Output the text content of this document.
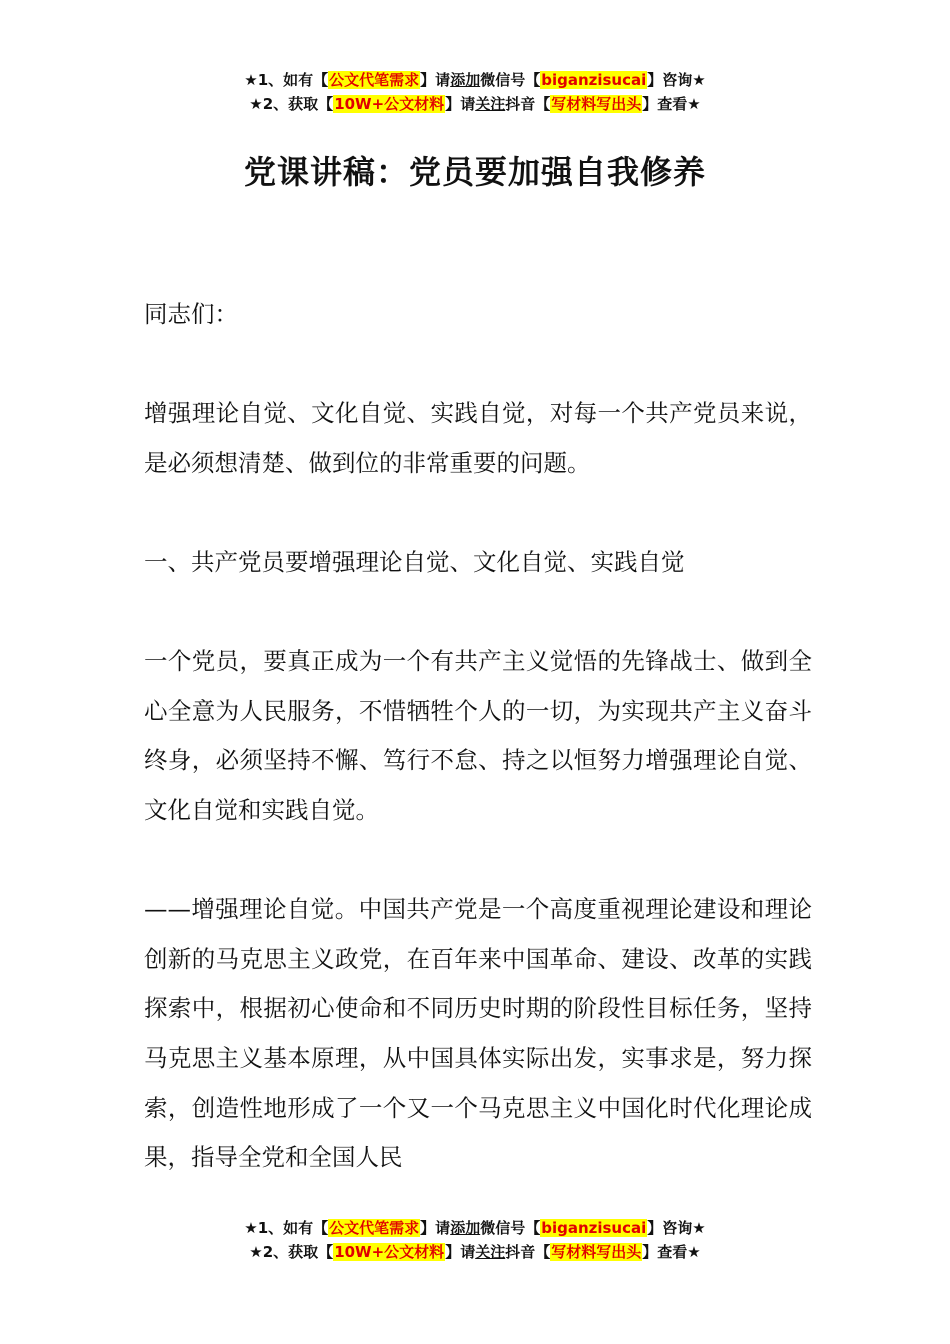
★1、如有【公文代笔需求】请添加微信号【biganzisucai】咨询★
★2、获取【10W+公文材料】请关注抖音【写材料写出头】查看★
党课讲稿：党员要加强自我修养

同志们：

增强理论自觉、文化自觉、实践自觉，对每一个共产党员来说，是必须想清楚、做到位的非常重要的问题。

一、共产党员要增强理论自觉、文化自觉、实践自觉

一个党员，要真正成为一个有共产主义觉悟的先锋战士、做到全心全意为人民服务，不惜牺牲个人的一切，为实现共产主义奋斗终身，必须坚持不懈、笃行不怠、持之以恒努力增强理论自觉、文化自觉和实践自觉。

——增强理论自觉。中国共产党是一个高度重视理论建设和理论创新的马克思主义政党，在百年来中国革命、建设、改革的实践探索中，根据初心使命和不同历史时期的阶段性目标任务，坚持马克思主义基本原理，从中国具体实际出发，实事求是，努力探索，创造性地形成了一个又一个马克思主义中国化时代化理论成果，指导全党和全国人民

★1、如有【公文代笔需求】请添加微信号【biganzisucai】咨询★
★2、获取【10W+公文材料】请关注抖音【写材料写出头】查看★
